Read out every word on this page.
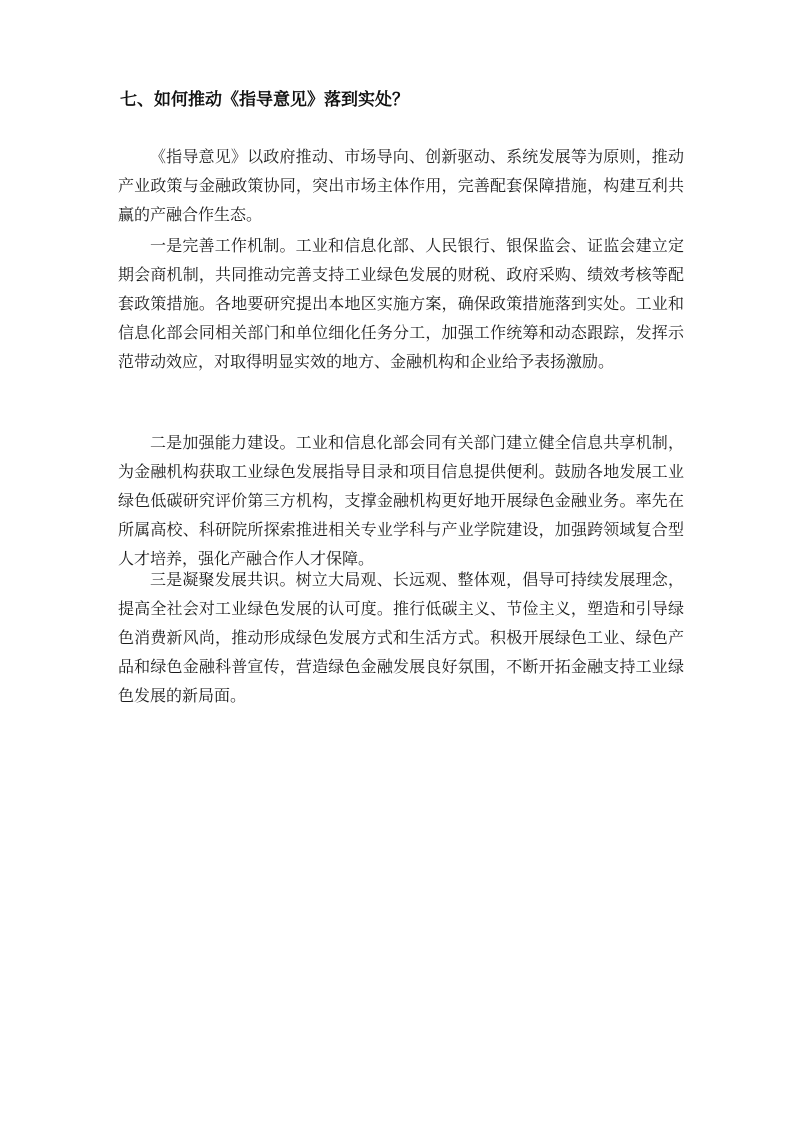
七、如何推动《指导意见》落到实处？

《指导意见》以政府推动、市场导向、创新驱动、系统发展等为原则，推动产业政策与金融政策协同，突出市场主体作用，完善配套保障措施，构建互利共赢的产融合作生态。

一是完善工作机制。工业和信息化部、人民银行、银保监会、证监会建立定期会商机制，共同推动完善支持工业绿色发展的财税、政府采购、绩效考核等配套政策措施。各地要研究提出本地区实施方案，确保政策措施落到实处。工业和信息化部会同相关部门和单位细化任务分工，加强工作统筹和动态跟踪，发挥示范带动效应，对取得明显实效的地方、金融机构和企业给予表扬激励。

二是加强能力建设。工业和信息化部会同有关部门建立健全信息共享机制，为金融机构获取工业绿色发展指导目录和项目信息提供便利。鼓励各地发展工业绿色低碳研究评价第三方机构，支撑金融机构更好地开展绿色金融业务。率先在所属高校、科研院所探索推进相关专业学科与产业学院建设，加强跨领域复合型人才培养，强化产融合作人才保障。

三是凝聚发展共识。树立大局观、长远观、整体观，倡导可持续发展理念，提高全社会对工业绿色发展的认可度。推行低碳主义、节俭主义，塑造和引导绿色消费新风尚，推动形成绿色发展方式和生活方式。积极开展绿色工业、绿色产品和绿色金融科普宣传，营造绿色金融发展良好氛围，不断开拓金融支持工业绿色发展的新局面。
